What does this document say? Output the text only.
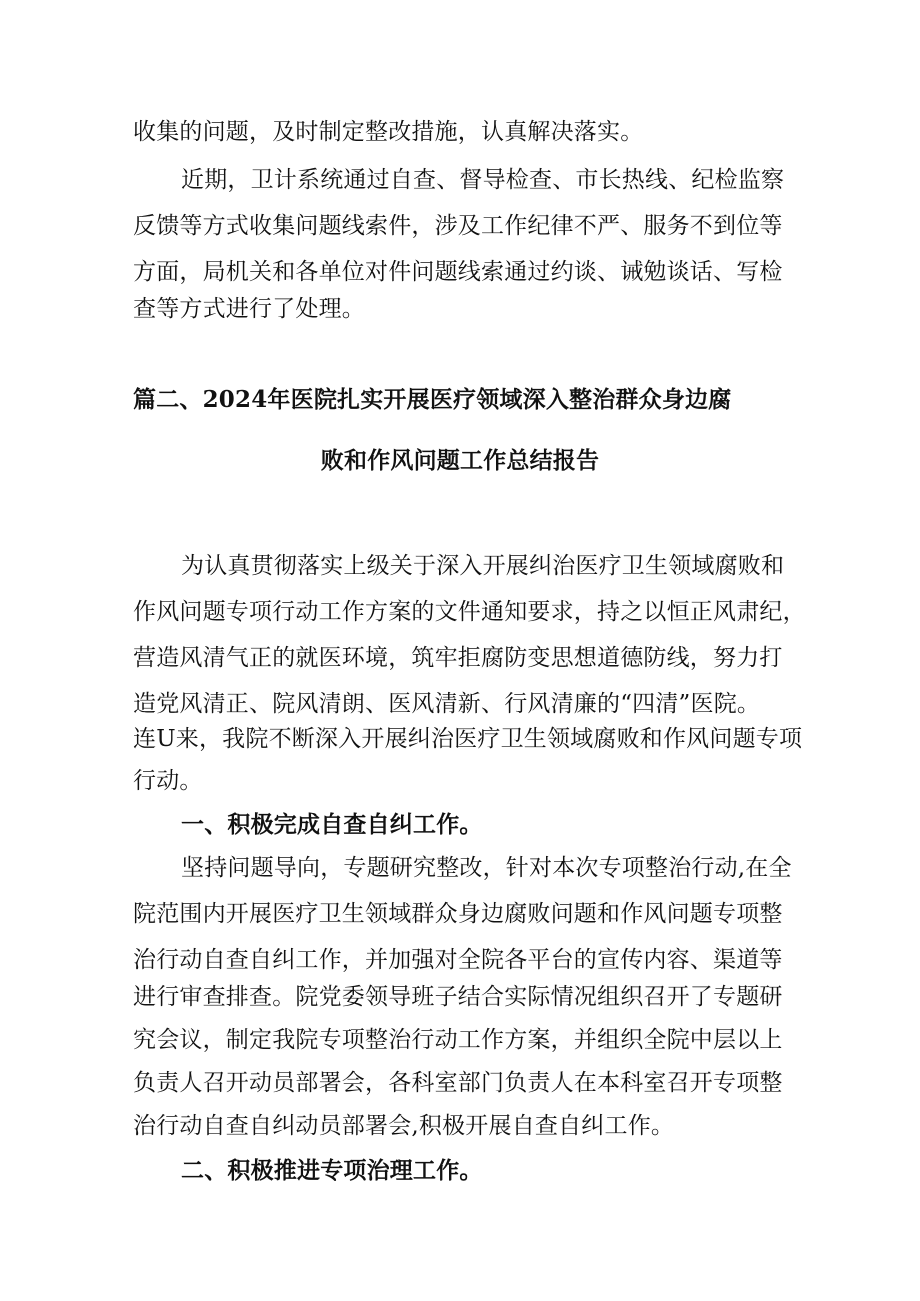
收集的问题，及时制定整改措施，认真解决落实。
近期，卫计系统通过自查、督导检查、市长热线、纪检监察
反馈等方式收集问题线索件，涉及工作纪律不严、服务不到位等
方面，局机关和各单位对件问题线索通过约谈、诫勉谈话、写检
查等方式进行了处理。
篇二、2024年医院扎实开展医疗领域深入整治群众身边腐
败和作风问题工作总结报告
为认真贯彻落实上级关于深入开展纠治医疗卫生领域腐败和
作风问题专项行动工作方案的文件通知要求，持之以恒正风肃纪，
营造风清气正的就医环境，筑牢拒腐防变思想道德防线，努力打
造党风清正、院风清朗、医风清新、行风清廉的“四清”医院。
连U来，我院不断深入开展纠治医疗卫生领域腐败和作风问题专项
行动。
一、积极完成自查自纠工作。
坚持问题导向，专题研究整改，针对本次专项整治行动,在全
院范围内开展医疗卫生领域群众身边腐败问题和作风问题专项整
治行动自查自纠工作，并加强对全院各平台的宣传内容、渠道等
进行审查排查。院党委领导班子结合实际情况组织召开了专题研
究会议，制定我院专项整治行动工作方案，并组织全院中层以上
负责人召开动员部署会，各科室部门负责人在本科室召开专项整
治行动自查自纠动员部署会,积极开展自查自纠工作。
二、积极推进专项治理工作。
